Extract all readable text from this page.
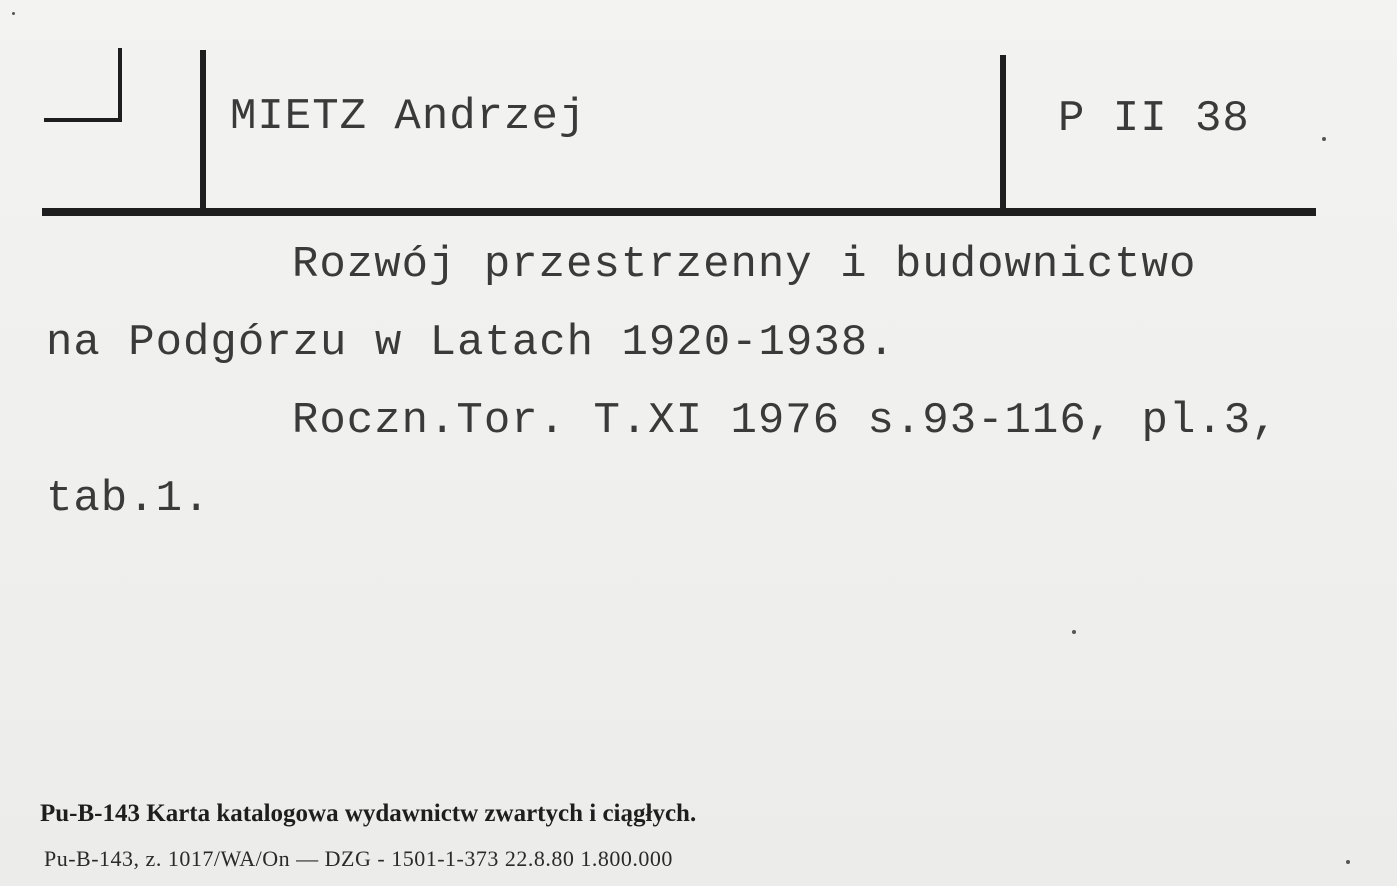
MIETZ Andrzej	P II 38
Rozwój przestrzenny i budownictwo
na Podgórzu w Latach 1920-1938.
Roczn.Tor. T.XI 1976 s.93-116, pl.3,
tab.1.
Pu-B-143 Karta katalogowa wydawnictw zwartych i ciągłych.
Pu-B-143, z. 1017/WA/On — DZG - 1501-1-373 22.8.80 1.800.000
